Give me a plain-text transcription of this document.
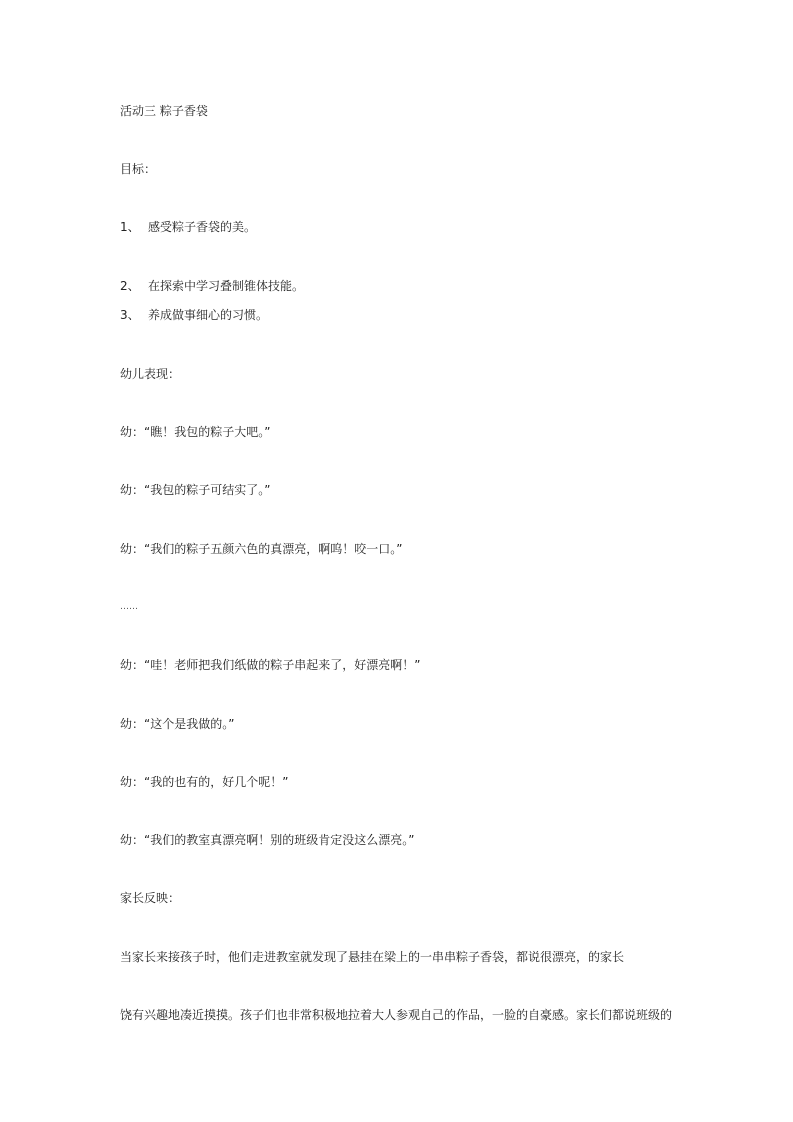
活动三 粽子香袋
目标：
1、 感受粽子香袋的美。
2、 在探索中学习叠制锥体技能。
3、 养成做事细心的习惯。
幼儿表现：
幼：“瞧！我包的粽子大吧。”
幼：“我包的粽子可结实了。”
幼：“我们的粽子五颜六色的真漂亮，啊呜！咬一口。”
……
幼：“哇！老师把我们纸做的粽子串起来了，好漂亮啊！”
幼：“这个是我做的。”
幼：“我的也有的，好几个呢！”
幼：“我们的教室真漂亮啊！别的班级肯定没这么漂亮。”
家长反映：
当家长来接孩子时，他们走进教室就发现了悬挂在梁上的一串串粽子香袋，都说很漂亮，的家长
饶有兴趣地凑近摸摸。孩子们也非常积极地拉着大人参观自己的作品，一脸的自豪感。家长们都说班级的
